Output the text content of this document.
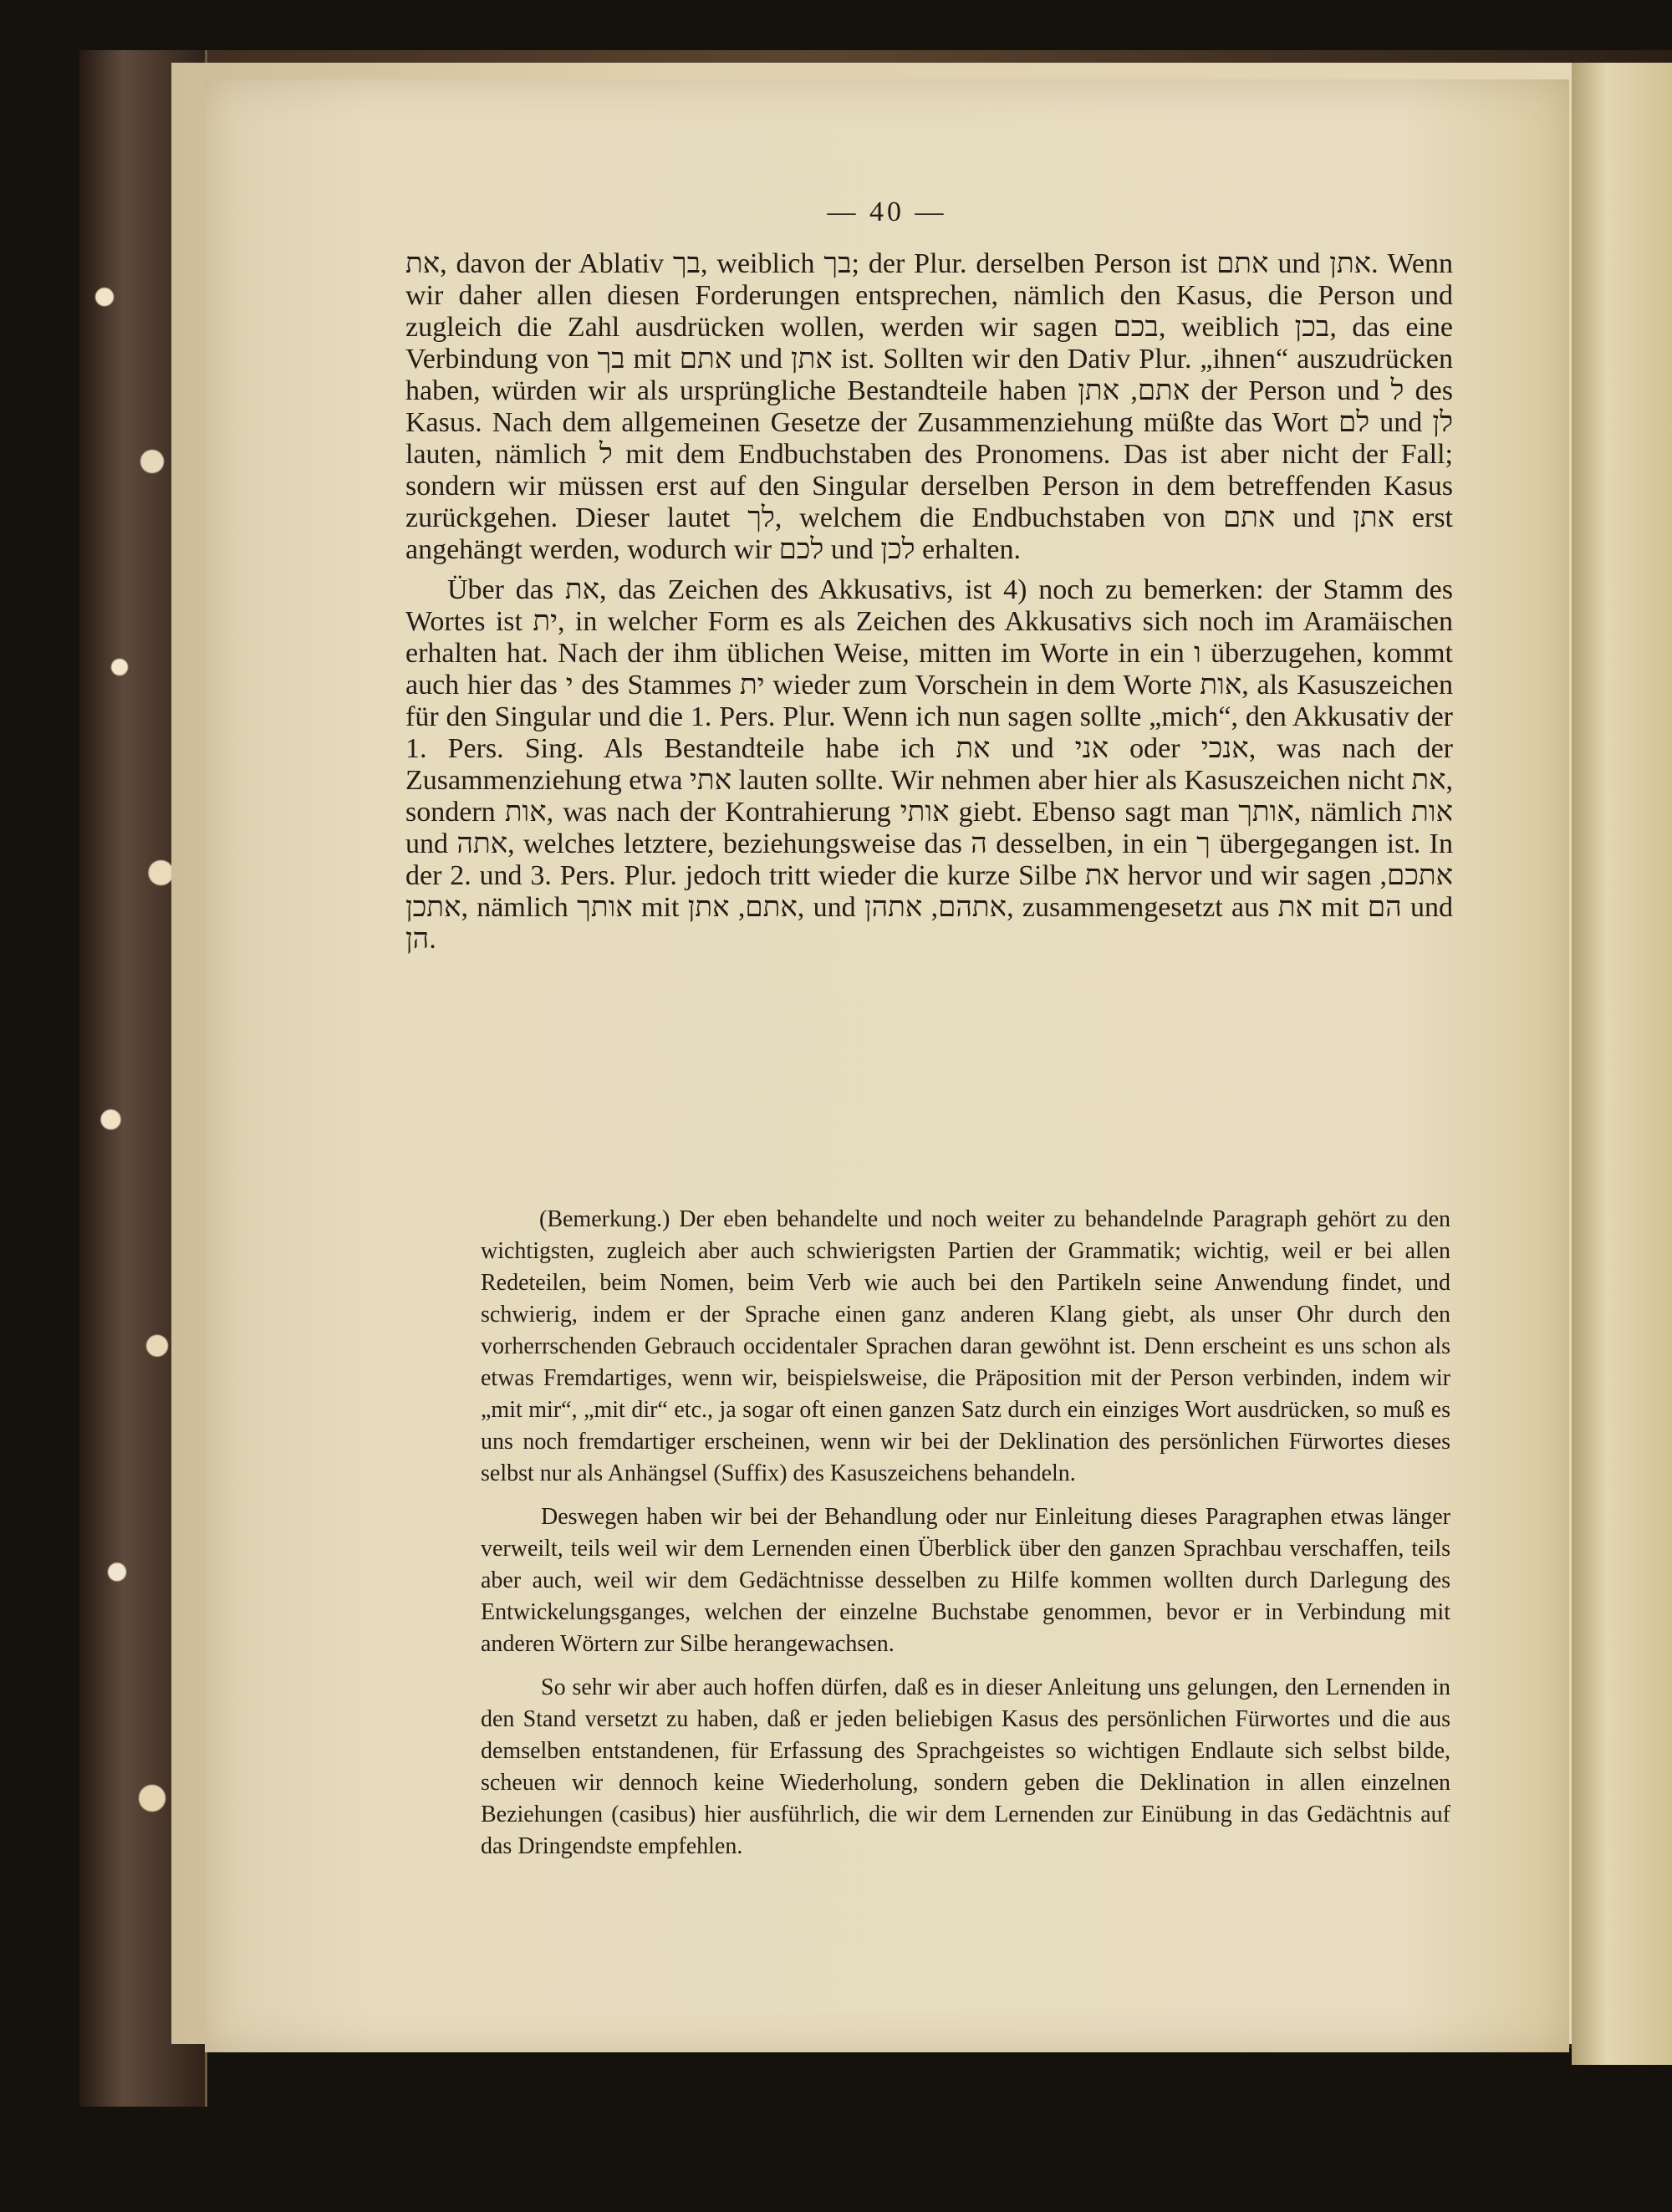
— 40 —

את, davon der Ablativ בך, weiblich בך; der Plur. derselben Person ist אתם und אתן. Wenn wir daher allen diesen Forderungen entsprechen, nämlich den Kasus, die Person und zugleich die Zahl ausdrücken wollen, werden wir sagen בכם, weiblich בכן, das eine Verbindung von בך mit אתם und אתן ist. Sollten wir den Dativ Plur. „ihnen“ auszudrücken haben, würden wir als ursprüngliche Bestandteile haben אתם, אתן der Person und ל des Kasus. Nach dem allgemeinen Gesetze der Zusammenziehung müßte das Wort לם und לן lauten, nämlich ל mit dem Endbuchstaben des Pronomens. Das ist aber nicht der Fall; sondern wir müssen erst auf den Singular derselben Person in dem betreffenden Kasus zurückgehen. Dieser lautet לך, welchem die Endbuchstaben von אתם und אתן erst angehängt werden, wodurch wir לכם und לכן erhalten.

Über das את, das Zeichen des Akkusativs, ist 4) noch zu bemerken: der Stamm des Wortes ist ית, in welcher Form es als Zeichen des Akkusativs sich noch im Aramäischen erhalten hat. Nach der ihm üblichen Weise, mitten im Worte in ein ו überzugehen, kommt auch hier das י des Stammes ית wieder zum Vorschein in dem Worte אות, als Kasuszeichen für den Singular und die 1. Pers. Plur. Wenn ich nun sagen sollte „mich“, den Akkusativ der 1. Pers. Sing. Als Bestandteile habe ich את und אני oder אנכי, was nach der Zusammenziehung etwa אתי lauten sollte. Wir nehmen aber hier als Kasuszeichen nicht את, sondern אות, was nach der Kontrahierung אותי giebt. Ebenso sagt man אותך, nämlich אות und אתה, welches letztere, beziehungsweise das ה desselben, in ein ך übergegangen ist. In der 2. und 3. Pers. Plur. jedoch tritt wieder die kurze Silbe את hervor und wir sagen אתכם, אתכן, nämlich אותך mit אתם, אתן, und אתהם, אתהן, zusammengesetzt aus את mit הם und הן.

(Bemerkung.) Der eben behandelte und noch weiter zu behandelnde Paragraph gehört zu den wichtigsten, zugleich aber auch schwierigsten Partien der Grammatik; wichtig, weil er bei allen Redeteilen, beim Nomen, beim Verb wie auch bei den Partikeln seine Anwendung findet, und schwierig, indem er der Sprache einen ganz anderen Klang giebt, als unser Ohr durch den vorherrschenden Gebrauch occidentaler Sprachen daran gewöhnt ist. Denn erscheint es uns schon als etwas Fremdartiges, wenn wir, beispielsweise, die Präposition mit der Person verbinden, indem wir „mit mir“, „mit dir“ etc., ja sogar oft einen ganzen Satz durch ein einziges Wort ausdrücken, so muß es uns noch fremdartiger erscheinen, wenn wir bei der Deklination des persönlichen Fürwortes dieses selbst nur als Anhängsel (Suffix) des Kasuszeichens behandeln.

Deswegen haben wir bei der Behandlung oder nur Einleitung dieses Paragraphen etwas länger verweilt, teils weil wir dem Lernenden einen Überblick über den ganzen Sprachbau verschaffen, teils aber auch, weil wir dem Gedächtnisse desselben zu Hilfe kommen wollten durch Darlegung des Entwickelungsganges, welchen der einzelne Buchstabe genommen, bevor er in Verbindung mit anderen Wörtern zur Silbe herangewachsen.

So sehr wir aber auch hoffen dürfen, daß es in dieser Anleitung uns gelungen, den Lernenden in den Stand versetzt zu haben, daß er jeden beliebigen Kasus des persönlichen Fürwortes und die aus demselben entstandenen, für Erfassung des Sprachgeistes so wichtigen Endlaute sich selbst bilde, scheuen wir dennoch keine Wiederholung, sondern geben die Deklination in allen einzelnen Beziehungen (casibus) hier ausführlich, die wir dem Lernenden zur Einübung in das Gedächtnis auf das Dringendste empfehlen.
